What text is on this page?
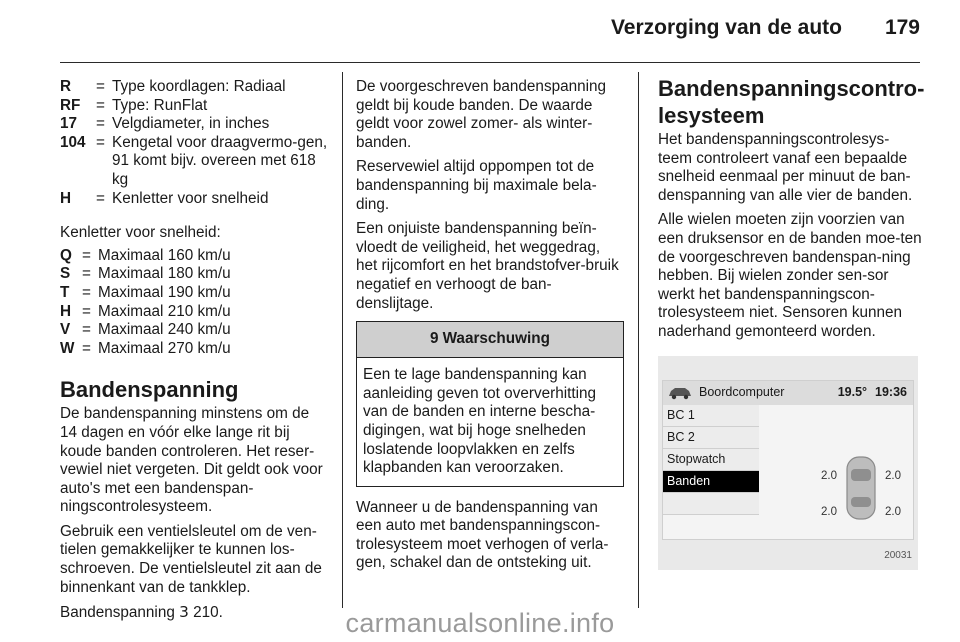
Verzorging van de auto 179
R	= Type koordlagen: Radiaal
RF	= Type: RunFlat
17	= Velgdiameter, in inches
104 = Kengetal voor draagvermo-gen, 91 komt bijv. overeen met 618 kg
H	= Kenletter voor snelheid

Kenletter voor snelheid:

Q = Maximaal 160 km/u
S = Maximaal 180 km/u
T = Maximaal 190 km/u
H = Maximaal 210 km/u
V = Maximaal 240 km/u
W = Maximaal 270 km/u
Bandenspanning

De bandenspanning minstens om de 14 dagen en vóór elke lange rit bij koude banden controleren. Het reser-vewiel niet vergeten. Dit geldt ook voor auto's met een bandenspan-ningscontrolesysteem.

Gebruik een ventielsleutel om de ven-tielen gemakkelijker te kunnen los-schroeven. De ventielsleutel zit aan de binnenkant van de tankklep.

Bandenspanning 3 210.

De voorgeschreven bandenspanning geldt bij koude banden. De waarde geldt voor zowel zomer- als winter-banden.

Reservewiel altijd oppompen tot de bandenspanning bij maximale bela-ding.

Een onjuiste bandenspanning beïn-vloedt de veiligheid, het weggedrag, het rijcomfort en het brandstofver-bruik negatief en verhoogt de ban-denslijtage.

9 Waarschuwing
Een te lage bandenspanning kan aanleiding geven tot oververhitting van de banden en interne bescha-digingen, wat bij hoge snelheden loslatende loopvlakken en zelfs klapbanden kan veroorzaken.

Wanneer u de bandenspanning van een auto met bandenspanningscon-trolesysteem moet verhogen of verla-gen, schakel dan de ontsteking uit.

Bandenspanningscontro-lesysteem

Het bandenspanningscontrolesys-teem controleert vanaf een bepaalde snelheid eenmaal per minuut de ban-denspanning van alle vier de banden.

Alle wielen moeten zijn voorzien van een druksensor en de banden moe-ten de voorgeschreven bandenspan-ning hebben. Bij wielen zonder sen-sor werkt het bandenspanningscon-trolesysteem niet. Sensoren kunnen naderhand gemonteerd worden.

Boordcomputer	19.5° 19:36
BC 1
BC 2
Stopwatch
Banden	2.0	2.0
2.0	2.0
20031
carmanualsonline.info
